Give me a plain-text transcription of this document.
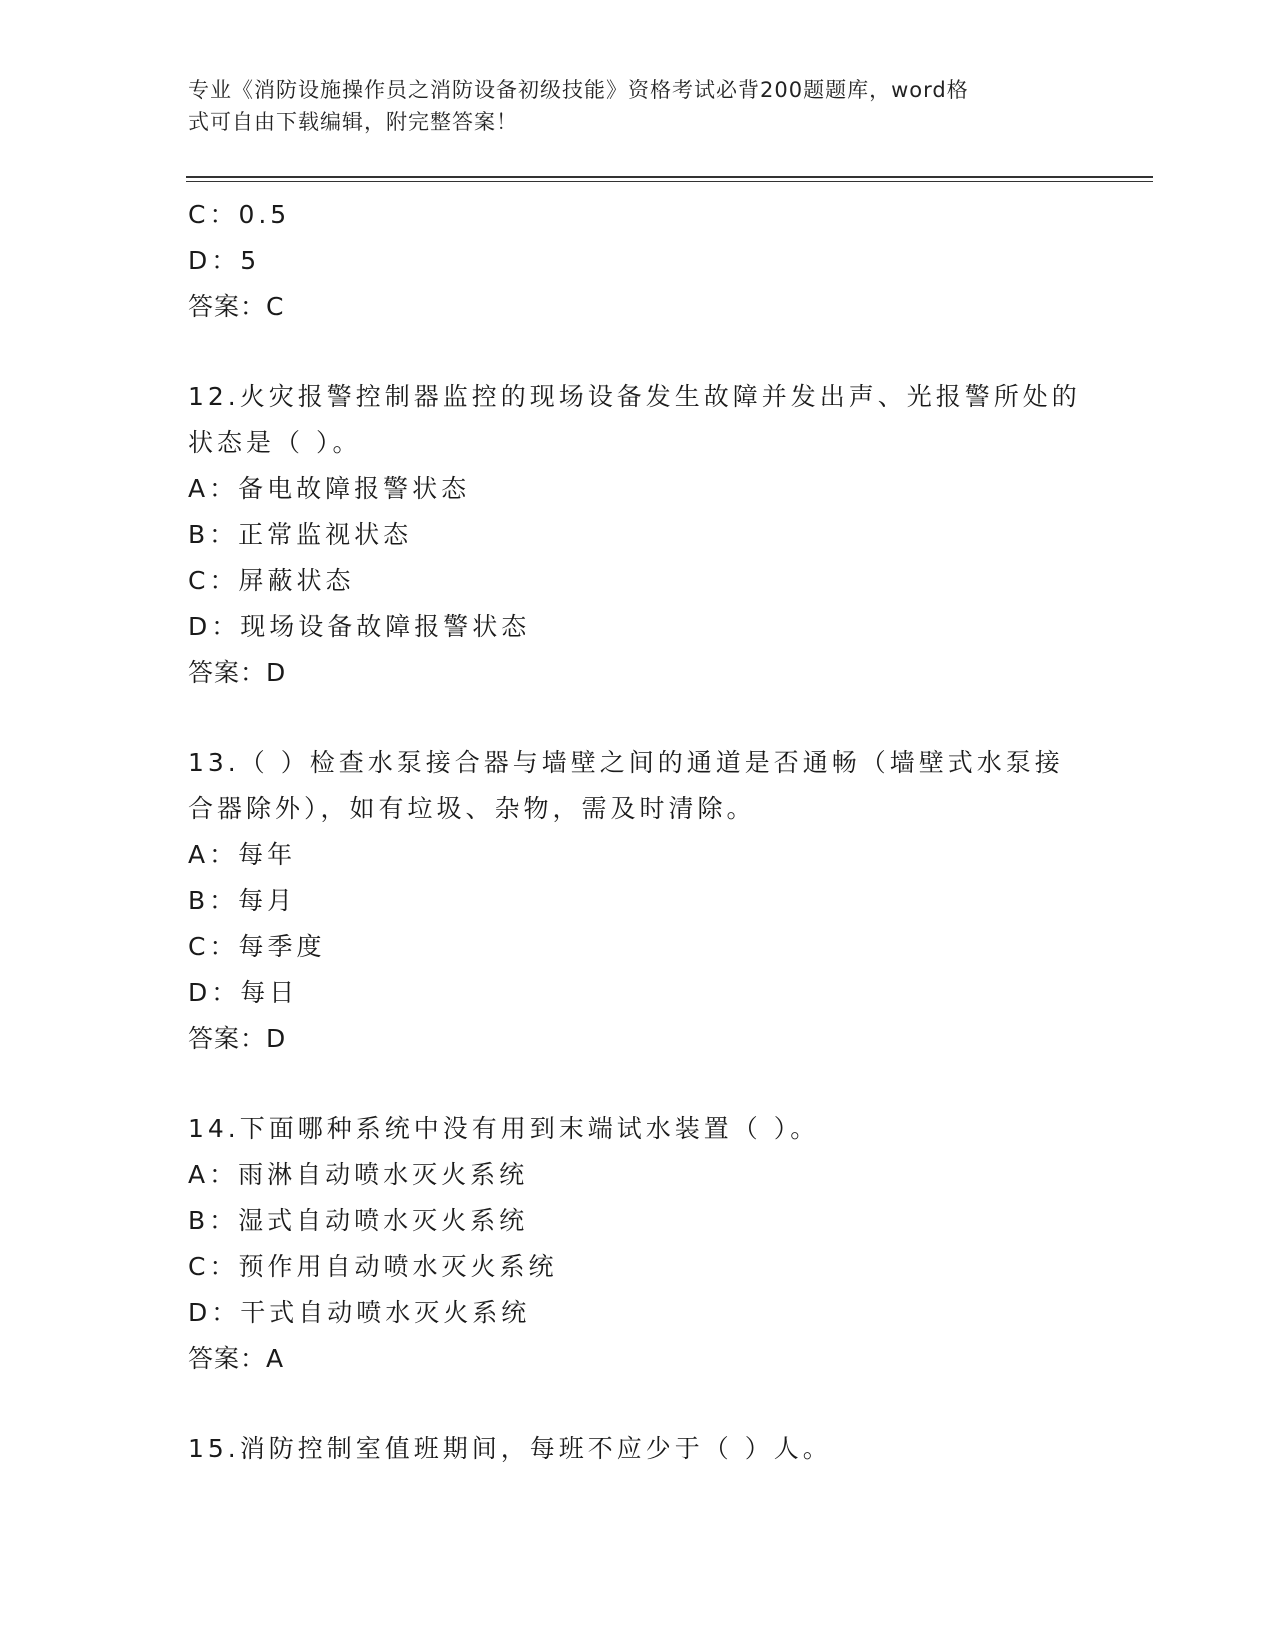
专业《消防设施操作员之消防设备初级技能》资格考试必背200题题库，word格
式可自由下载编辑，附完整答案！
C：0.5
D：5
答案：C
12.火灾报警控制器监控的现场设备发生故障并发出声、光报警所处的
状态是（ ）。
A：备电故障报警状态
B：正常监视状态
C：屏蔽状态
D：现场设备故障报警状态
答案：D
13.（ ）检查水泵接合器与墙壁之间的通道是否通畅（墙壁式水泵接
合器除外），如有垃圾、杂物，需及时清除。
A：每年
B：每月
C：每季度
D：每日
答案：D
14.下面哪种系统中没有用到末端试水装置（ ）。
A：雨淋自动喷水灭火系统
B：湿式自动喷水灭火系统
C：预作用自动喷水灭火系统
D：干式自动喷水灭火系统
答案：A
15.消防控制室值班期间，每班不应少于（ ）人。
